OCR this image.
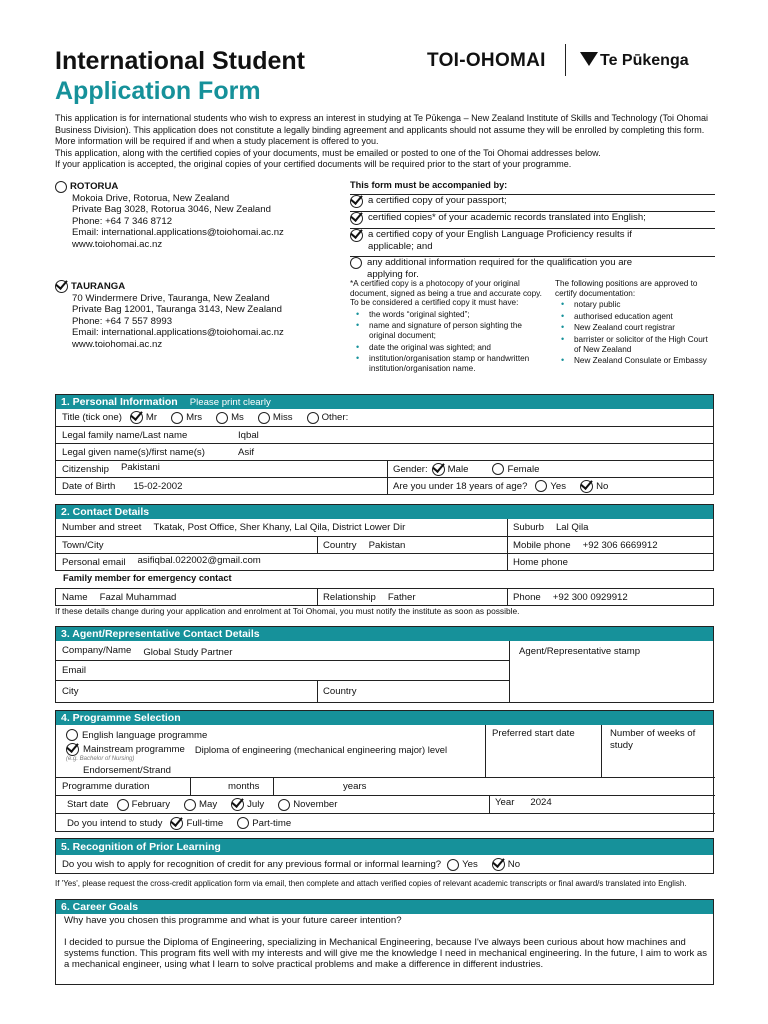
International Student
Application Form
TOI-OHOMAI	Te Pūkenga

This application is for international students who wish to express an interest in studying at Te Pūkenga – New Zealand Institute of Skills and Technology (Toi Ohomai Business Division). This application does not constitute a legally binding agreement and applicants should not assume they will be enrolled by completing this form. More information will be required if and when a study placement is offered to you.

This application, along with the certified copies of your documents, must be emailed or posted to one of the Toi Ohomai addresses below.

If your application is accepted, the original copies of your certified documents will be required prior to the start of your programme.

ROTORUA
Mokoia Drive, Rotorua, New Zealand
Private Bag 3028, Rotorua 3046, New Zealand
Phone: +64 7 346 8712
Email: international.applications@toiohomai.ac.nz
www.toiohomai.ac.nz
TAURANGA
70 Windermere Drive, Tauranga, New Zealand
Private Bag 12001, Tauranga 3143, New Zealand
Phone: +64 7 557 8993
Email: international.applications@toiohomai.ac.nz
www.toiohomai.ac.nz
This form must be accompanied by:
a certified copy of your passport;
certified copies* of your academic records translated into English;
a certified copy of your English Language Proficiency results if applicable; and
any additional information required for the qualification you are applying for.
*A certified copy is a photocopy of your original document, signed as being a true and accurate copy. To be considered a certified copy it must have:
• the words “original sighted”;
• name and signature of person sighting the original document;
• date the original was sighted; and
• institution/organisation stamp or handwritten institution/organisation name.
The following positions are approved to certify documentation:
• notary public
• authorised education agent
• New Zealand court registrar
• barrister or solicitor of the High Court of New Zealand
• New Zealand Consulate or Embassy
1. Personal Information Please print clearly
Title (tick one)	Mr	Mrs	Ms	Miss	Other:
Legal family name/Last name	Iqbal
Legal given name(s)/first name(s)	Asif
Citizenship Pakistani	Gender: Male	Female
Date of Birth 15-02-2002	Are you under 18 years of age? Yes	No
2. Contact Details
Number and street Tkatak, Post Office, Sher Khany, Lal Qila, District Lower Dir	Suburb Lal Qila
Town/City	Country Pakistan	Mobile phone +92 306 6669912
Personal email asifiqbal.022002@gmail.com	Home phone
Family member for emergency contact
Name Fazal Muhammad	Relationship Father	Phone +92 300 0929912
If these details change during your application and enrolment at Toi Ohomai, you must notify the institute as soon as possible.
3. Agent/Representative Contact Details
Company/Name Global Study Partner
Email
City	Country
Agent/Representative stamp
4. Programme Selection
English language programme
Mainstream programme Diploma of engineering (mechanical engineering major) level
(e.g. Bachelor of Nursing)
Endorsement/Strand
Preferred start date	Number of weeks of study
Programme duration	months	years
Start date February	May	July	November	Year 2024
Do you intend to study	Full-time	Part-time
5. Recognition of Prior Learning
Do you wish to apply for recognition of credit for any previous formal or informal learning? Yes	No
If 'Yes', please request the cross-credit application form via email, then complete and attach verified copies of relevant academic transcripts or final award/s translated into English.
6. Career Goals
Why have you chosen this programme and what is your future career intention?
I decided to pursue the Diploma of Engineering, specializing in Mechanical Engineering, because I've always been curious about how machines and systems function. This program fits well with my interests and will give me the knowledge I need in mechanical engineering. In the future, I aim to work as a mechanical engineer, using what I learn to solve practical problems and make a difference in different industries.
